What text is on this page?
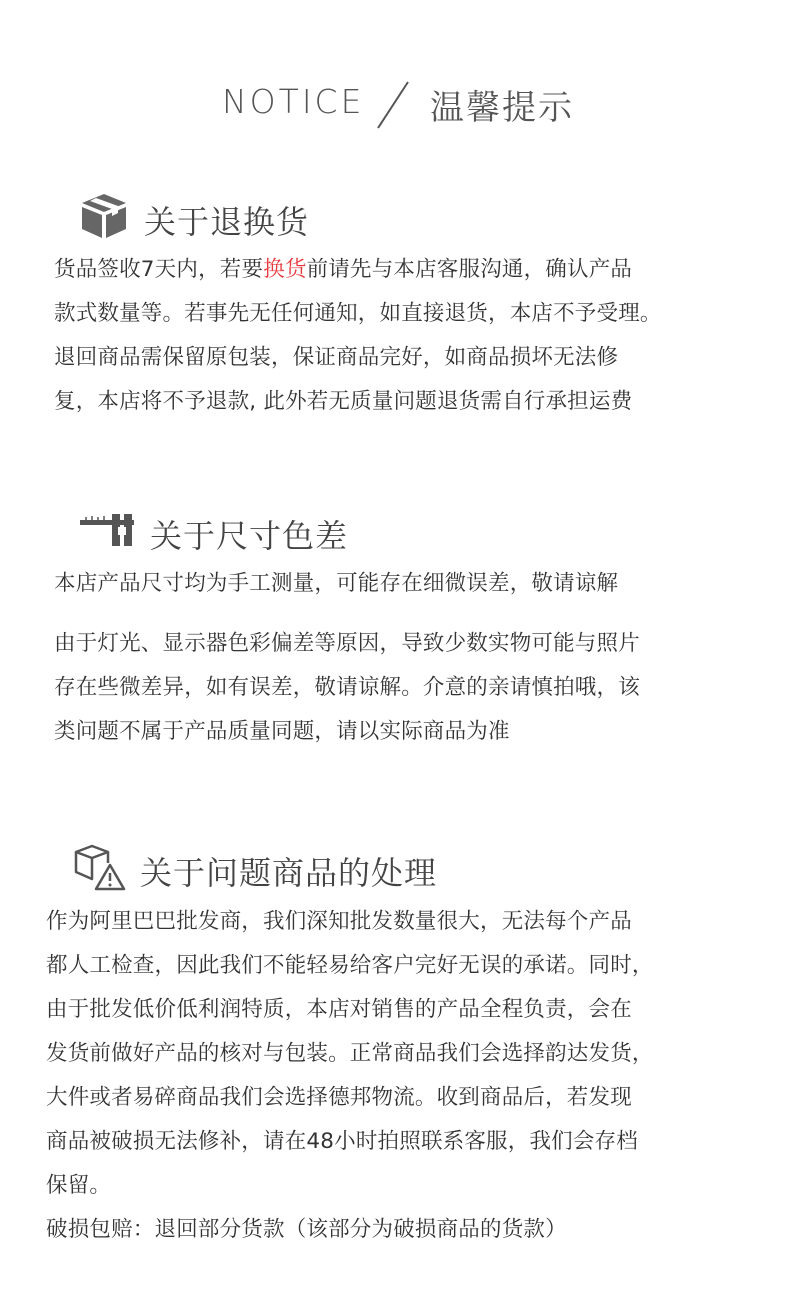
NOTICE 温馨提示
关于退换货

货品签收7天内，若要换货前请先与本店客服沟通，确认产品

款式数量等。若事先无任何通知，如直接退货，本店不予受理。

退回商品需保留原包装，保证商品完好，如商品损坏无法修

复，本店将不予退款, 此外若无质量问题退货需自行承担运费

关于尺寸色差

本店产品尺寸均为手工测量，可能存在细微误差，敬请谅解

由于灯光、显示器色彩偏差等原因，导致少数实物可能与照片

存在些微差异，如有误差，敬请谅解。介意的亲请慎拍哦，该

类问题不属于产品质量同题，请以实际商品为准

关于问题商品的处理

作为阿里巴巴批发商，我们深知批发数量很大，无法每个产品

都人工检查，因此我们不能轻易给客户完好无误的承诺。同时，

由于批发低价低利润特质，本店对销售的产品全程负责，会在

发货前做好产品的核对与包装。正常商品我们会选择韵达发货，

大件或者易碎商品我们会选择德邦物流。收到商品后，若发现

商品被破损无法修补，请在48小时拍照联系客服，我们会存档

保留。

破损包赔：退回部分货款（该部分为破损商品的货款）
